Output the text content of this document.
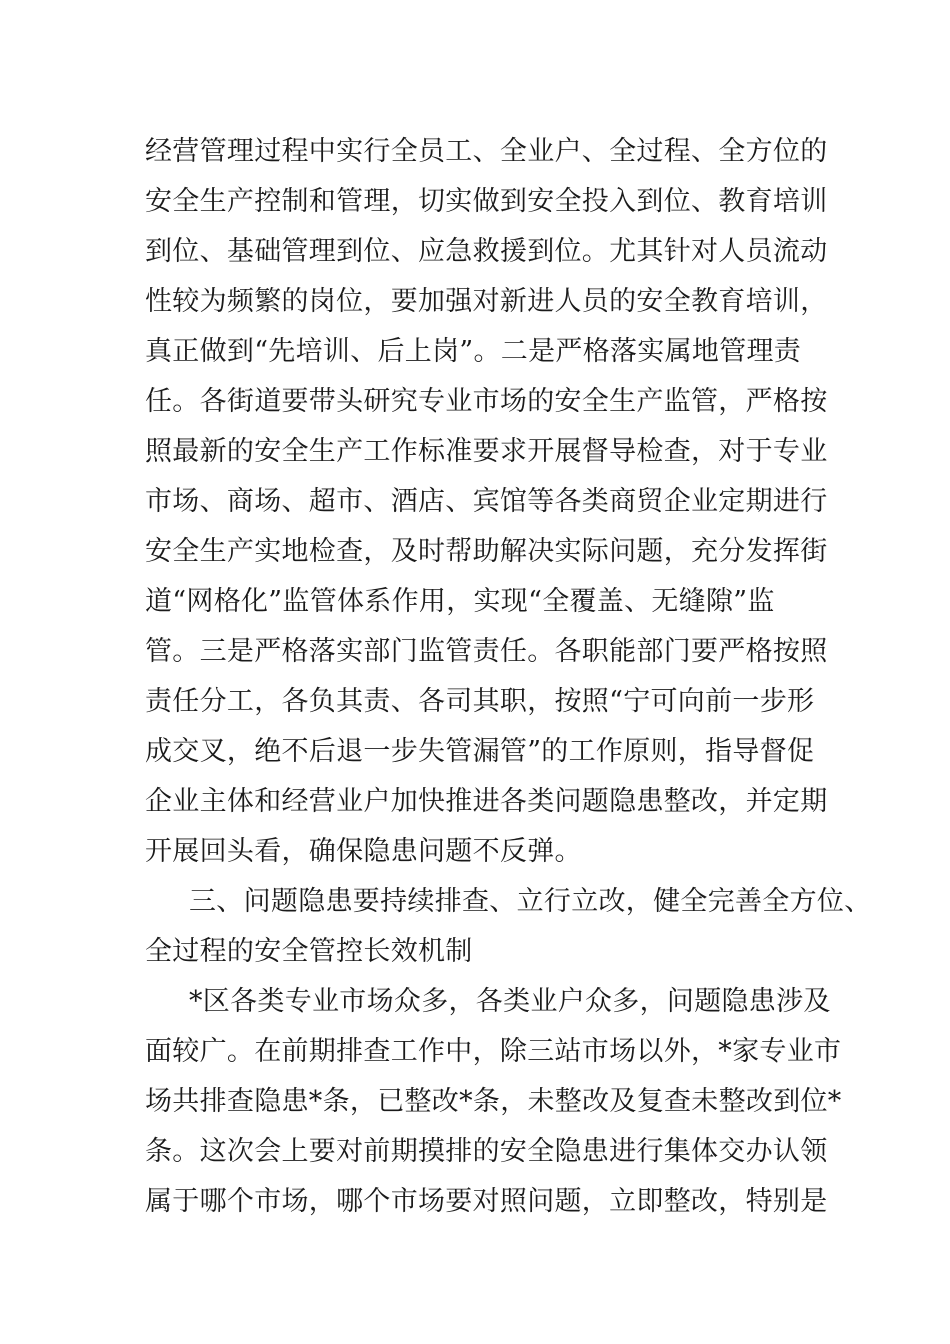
经营管理过程中实行全员工、全业户、全过程、全方位的
安全生产控制和管理，切实做到安全投入到位、教育培训
到位、基础管理到位、应急救援到位。尤其针对人员流动
性较为频繁的岗位，要加强对新进人员的安全教育培训，
真正做到“先培训、后上岗”。二是严格落实属地管理责
任。各街道要带头研究专业市场的安全生产监管，严格按
照最新的安全生产工作标准要求开展督导检查，对于专业
市场、商场、超市、酒店、宾馆等各类商贸企业定期进行
安全生产实地检查，及时帮助解决实际问题，充分发挥街
道“网格化”监管体系作用，实现“全覆盖、无缝隙”监
管。三是严格落实部门监管责任。各职能部门要严格按照
责任分工，各负其责、各司其职，按照“宁可向前一步形
成交叉，绝不后退一步失管漏管”的工作原则，指导督促
企业主体和经营业户加快推进各类问题隐患整改，并定期
开展回头看，确保隐患问题不反弹。
三、问题隐患要持续排查、立行立改，健全完善全方位、
全过程的安全管控长效机制
*区各类专业市场众多，各类业户众多，问题隐患涉及
面较广。在前期排查工作中，除三站市场以外，*家专业市
场共排查隐患*条，已整改*条，未整改及复查未整改到位*
条。这次会上要对前期摸排的安全隐患进行集体交办认领
属于哪个市场，哪个市场要对照问题，立即整改，特别是
